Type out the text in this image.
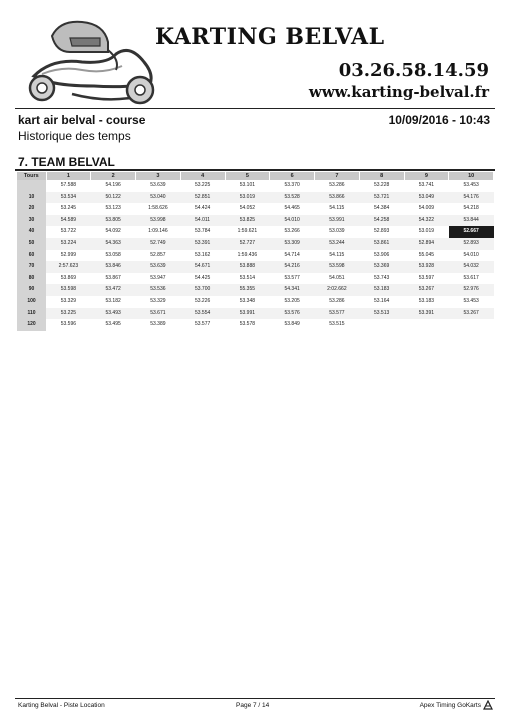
KARTING BELVAL
03.26.58.14.59
www.karting-belval.fr
kart air belval - course	10/09/2016 - 10:43
Historique des temps
7. TEAM BELVAL
Tours	1	2	3	4	5	6	7	8	9	10
	57.588	54.196	53.639	53.225	53.101	53.370	53.286	53.228	53.741	53.453
10	53.534	50.122	53.040	52.851	53.019	53.528	53.866	53.721	53.049	54.176
20	53.245	53.123	1:58.626	54.424	54.052	54.465	54.115	54.384	54.009	54.218
30	54.589	53.805	53.998	54.011	53.825	54.010	53.991	54.258	54.322	53.844
40	53.722	54.092	1:09.146	53.784	1:59.621	53.266	53.039	52.893	53.019	52.667
50	53.224	54.363	52.749	53.391	52.727	53.309	53.244	53.861	52.894	52.893
60	52.999	53.058	52.857	53.162	1:59.436	54.714	54.115	53.906	55.045	54.010
70	2:57.623	53.846	53.639	54.671	53.888	54.216	53.598	53.369	53.928	54.032
80	53.869	53.867	53.947	54.425	53.514	53.577	54.051	53.743	53.597	53.617
90	53.598	53.472	53.536	53.700	55.355	54.341	2:02.662	53.183	53.267	52.976
100	53.329	53.182	53.329	53.226	53.348	53.205	53.286	53.164	53.183	53.453
110	53.225	53.493	53.671	53.554	53.991	53.576	53.577	53.513	53.391	53.267
120	53.596	53.495	53.389	53.577	53.578	53.849	53.515			
Karting Belval - Piste Location	Page 7 / 14	Apex Timing GoKarts
